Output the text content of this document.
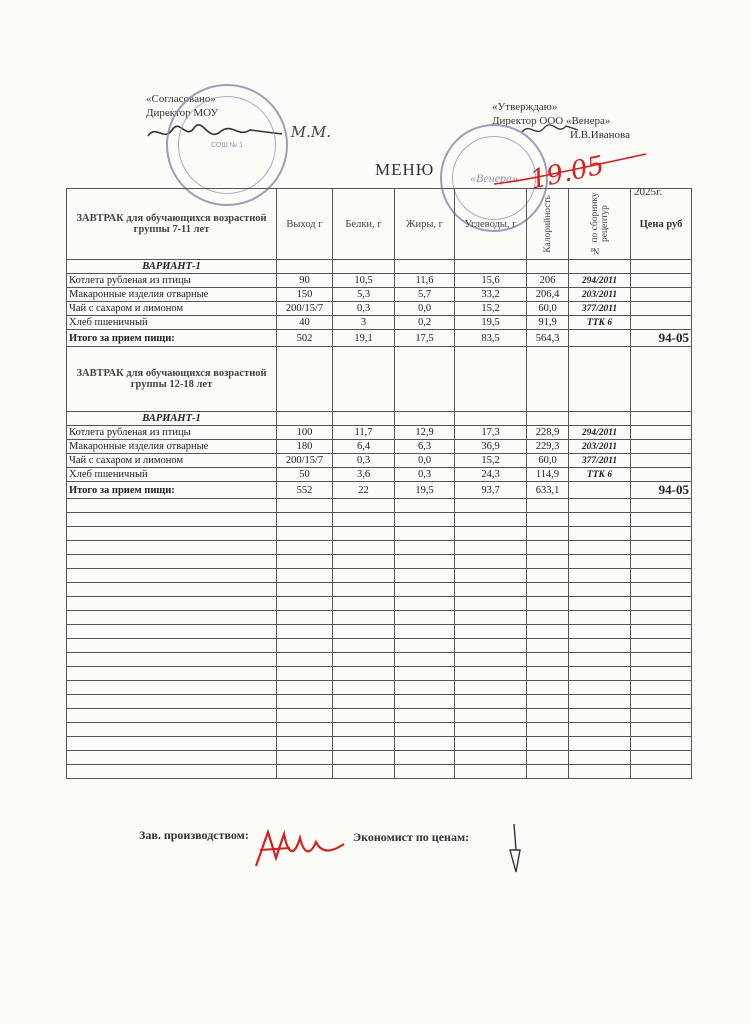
«Согласовано»
Директор МОУ
М.М.
«Утверждаю»
Директор ООО «Венера»
И.В.Иванова
СОШ № 1
«Венера»
МЕНЮ	19.05 2025г.
ЗАВТРАК для обучающихся возрастной группы 7-11 лет	Выход г	Белки, г	Жиры, г	Углеводы, г	Калорийность	№ по сборнику рецептур	Цена руб
ВАРИАНТ-1							
Котлета рубленая из птицы	90	10,5	11,6	15,6	206	294/2011	
Макаронные изделия отварные	150	5,3	5,7	33,2	206,4	203/2011	
Чай с сахаром и лимоном	200/15/7	0,3	0,0	15,2	60,0	377/2011	
Хлеб пшеничный	40	3	0,2	19,5	91,9	ТТК 6	
Итого за прием пищи:	502	19,1	17,5	83,5	564,3		94-05
ЗАВТРАК для обучающихся возрастной группы 12-18 лет							
ВАРИАНТ-1							
Котлета рубленая из птицы	100	11,7	12,9	17,3	228,9	294/2011	
Макаронные изделия отварные	180	6,4	6,3	36,9	229,3	203/2011	
Чай с сахаром и лимоном	200/15/7	0,3	0,0	15,2	60,0	377/2011	
Хлеб пшеничный	50	3,6	0,3	24,3	114,9	ТТК 6	
Итого за прием пищи:	552	22	19,5	93,7	633,1		94-05

Зав. производством:	Экономист по ценам:
